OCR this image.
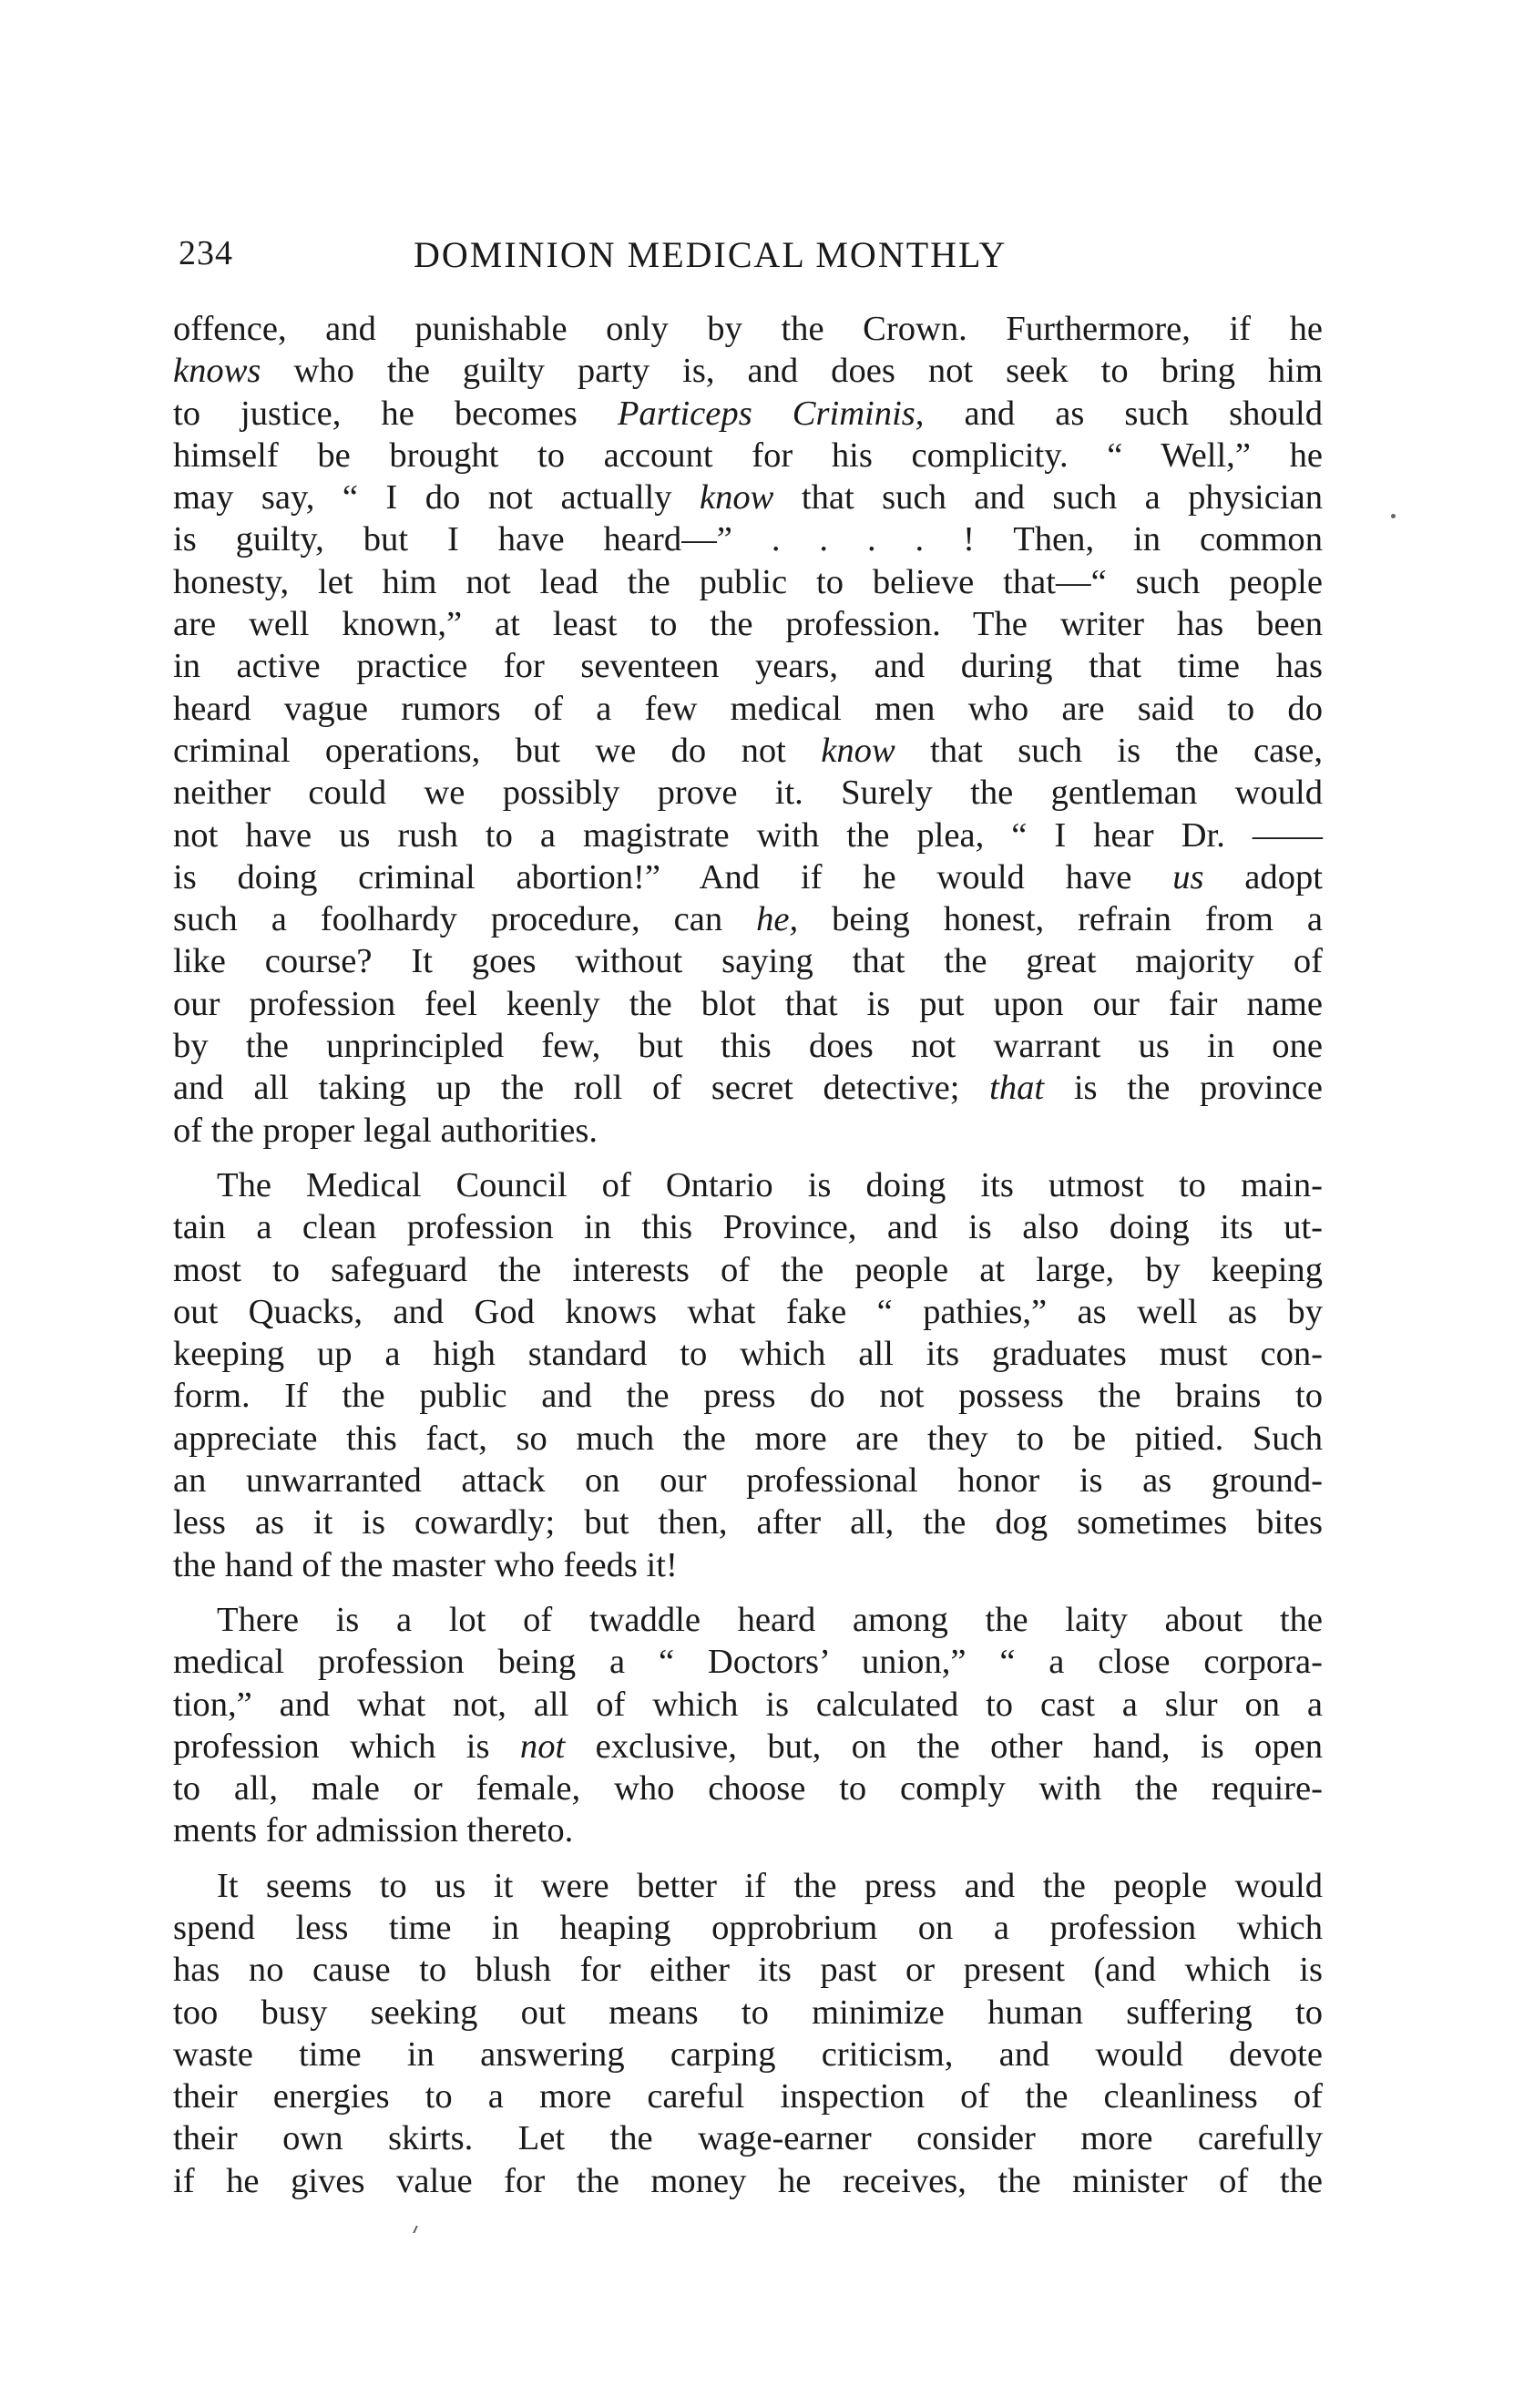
234	DOMINION MEDICAL MONTHLY
offence, and punishable only by the Crown. Furthermore, if he
knows who the guilty party is, and does not seek to bring him
to justice, he becomes Particeps Criminis, and as such should
himself be brought to account for his complicity. “ Well,” he
may say, “ I do not actually know that such and such a physician
is guilty, but I have heard—” . . . . ! Then, in common
honesty, let him not lead the public to believe that—“ such people
are well known,” at least to the profession. The writer has been
in active practice for seventeen years, and during that time has
heard vague rumors of a few medical men who are said to do
criminal operations, but we do not know that such is the case,
neither could we possibly prove it. Surely the gentleman would
not have us rush to a magistrate with the plea, “ I hear Dr. ——
is doing criminal abortion!” And if he would have us adopt
such a foolhardy procedure, can he, being honest, refrain from a
like course? It goes without saying that the great majority of
our profession feel keenly the blot that is put upon our fair name
by the unprincipled few, but this does not warrant us in one
and all taking up the roll of secret detective; that is the province
of the proper legal authorities.
The Medical Council of Ontario is doing its utmost to main-
tain a clean profession in this Province, and is also doing its ut-
most to safeguard the interests of the people at large, by keeping
out Quacks, and God knows what fake “ pathies,” as well as by
keeping up a high standard to which all its graduates must con-
form. If the public and the press do not possess the brains to
appreciate this fact, so much the more are they to be pitied. Such
an unwarranted attack on our professional honor is as ground-
less as it is cowardly; but then, after all, the dog sometimes bites
the hand of the master who feeds it!
There is a lot of twaddle heard among the laity about the
medical profession being a “ Doctors’ union,” “ a close corpora-
tion,” and what not, all of which is calculated to cast a slur on a
profession which is not exclusive, but, on the other hand, is open
to all, male or female, who choose to comply with the require-
ments for admission thereto.
It seems to us it were better if the press and the people would
spend less time in heaping opprobrium on a profession which
has no cause to blush for either its past or present (and which is
too busy seeking out means to minimize human suffering to
waste time in answering carping criticism, and would devote
their energies to a more careful inspection of the cleanliness of
their own skirts. Let the wage-earner consider more carefully
if he gives value for the money he receives, the minister of the
